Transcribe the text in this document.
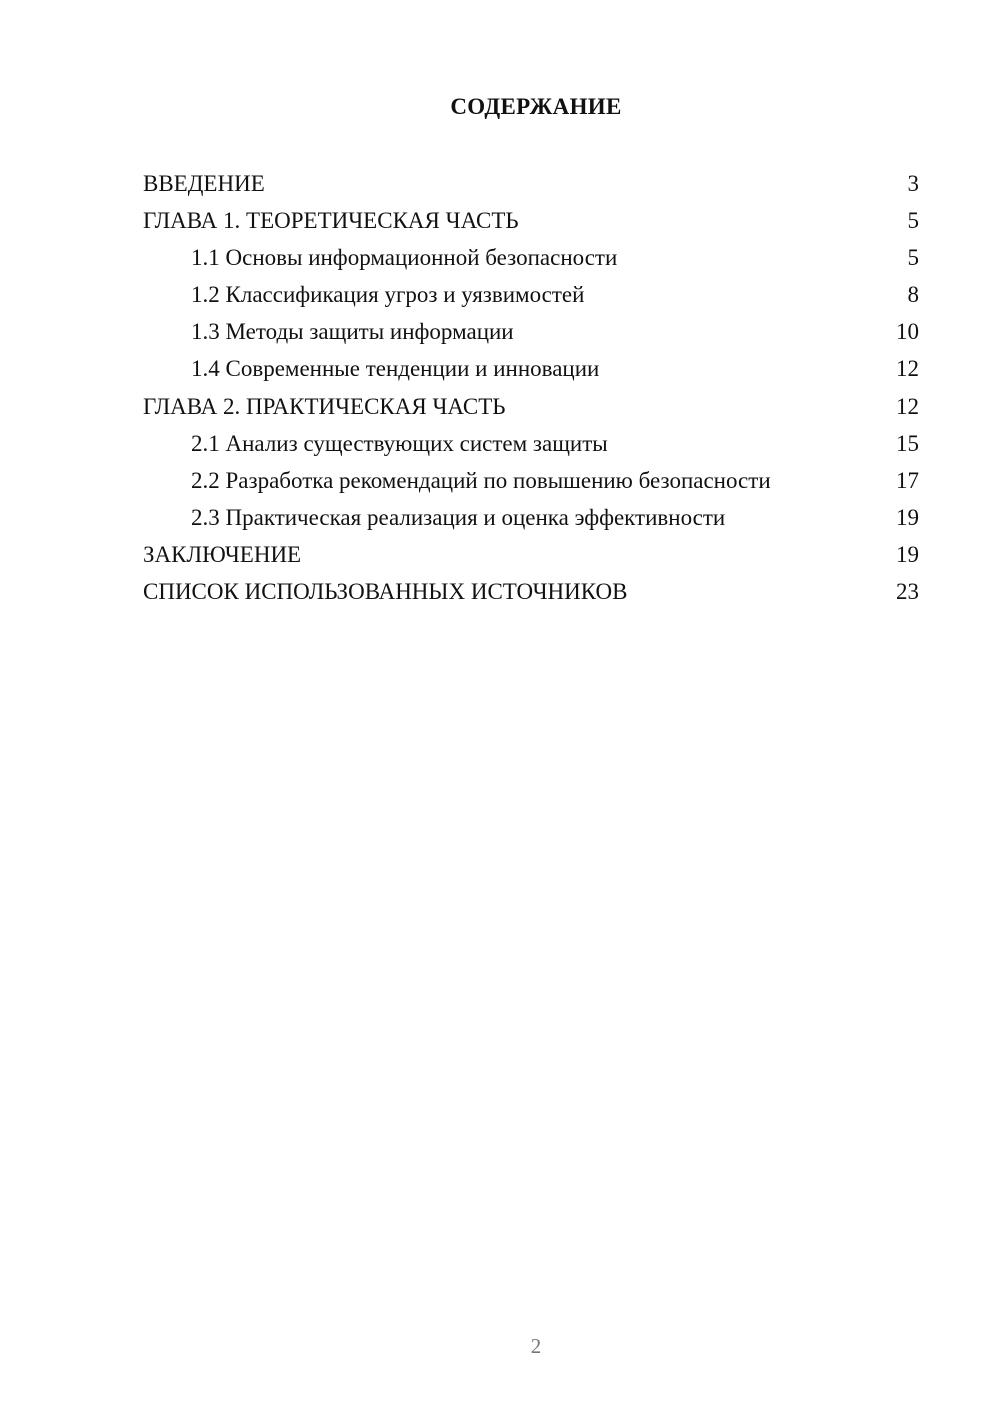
СОДЕРЖАНИЕ
ВВЕДЕНИЕ	3
ГЛАВА 1. ТЕОРЕТИЧЕСКАЯ ЧАСТЬ	5
1.1 Основы информационной безопасности	5
1.2 Классификация угроз и уязвимостей	8
1.3 Методы защиты информации	10
1.4 Современные тенденции и инновации	12
ГЛАВА 2. ПРАКТИЧЕСКАЯ ЧАСТЬ	12
2.1 Анализ существующих систем защиты	15
2.2 Разработка рекомендаций по повышению безопасности	17
2.3 Практическая реализация и оценка эффективности	19
ЗАКЛЮЧЕНИЕ	19
СПИСОК ИСПОЛЬЗОВАННЫХ ИСТОЧНИКОВ	23
2
